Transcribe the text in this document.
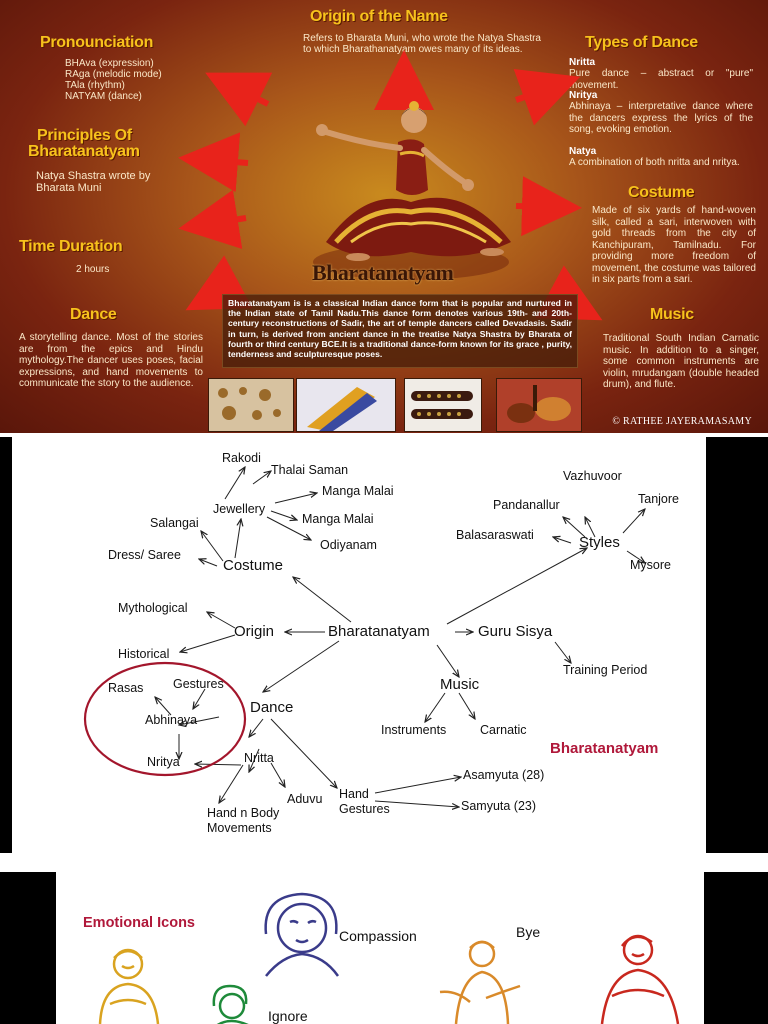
Origin of the Name
Refers to Bharata Muni, who wrote the Natya Shastra to which Bharathanatyam owes many of its ideas.
Pronounciation
BHAva (expression)
RAga (melodic mode)
TAla (rhythm)
NATYAM (dance)
Principles Of
Bharatanatyam
Natya Shastra wrote by Bharata Muni
Time Duration
2 hours
Dance
A storytelling dance. Most of the stories are from the epics and Hindu mythology.The dancer uses poses, facial expressions, and hand movements to communicate the story to the audience.
Types of Dance
Nritta
Pure dance – abstract or "pure" movement.
Nritya
Abhinaya – interpretative dance where the dancers express the lyrics of the song, evoking emotion.
Natya
A combination of both nritta and nritya.
Costume
Made of six yards of hand-woven silk, called a sari, interwoven with gold threads from the city of Kanchipuram, Tamilnadu. For providing more freedom of movement, the costume was tailored in six parts from a sari.
Music
Traditional South Indian Carnatic music. In addition to a singer, some common instruments are violin, mrudangam (double headed drum), and flute.
Bharatanatyam
Bharatanatyam is is a classical Indian dance form that is popular and nurtured in the Indian state of Tamil Nadu.This dance form denotes various 19th- and 20th-century reconstructions of Sadir, the art of temple dancers called Devadasis. Sadir in turn, is derived from ancient dance in the treatise Natya Shastra by Bharata of fourth or third century BCE.It is a traditional dance-form known for its grace , purity, tenderness and sculpturesque poses.
© RATHEE JAYERAMASAMY
Rakodi
Thalai Saman
Manga Malai
Jewellery
Manga Malai
Salangai
Odiyanam
Dress/ Saree
Costume
Mythological
Origin	Bharatanatyam	Guru Sisya
Historical
Training Period
Vazhuvoor
Pandanallur	Tanjore
Balasaraswati	Styles
Mysore
Music
Instruments	Carnatic
Bharatanatyam
Rasas Gestures
Abhinaya
Dance
Nritya	Nritta
Asamyuta (28)
Hand
Gestures	Samyuta (23)
Aduvu
Hand n Body
Movements
Emotional Icons
Compassion
Ignore
Bye
